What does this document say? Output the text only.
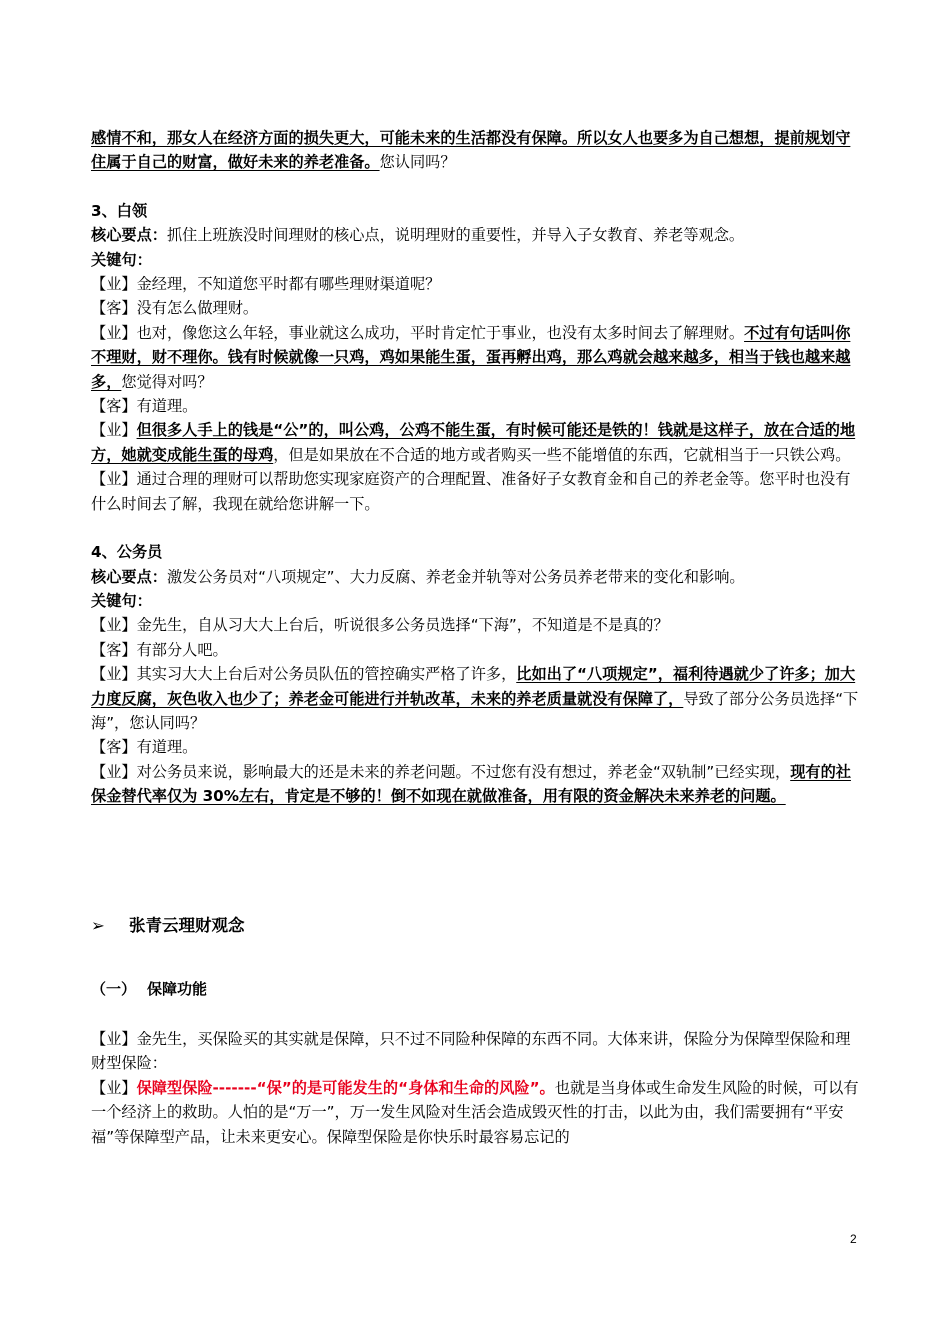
感情不和，那女人在经济方面的损失更大，可能未来的生活都没有保障。所以女人也要多为自己想想，提前规划守住属于自己的财富，做好未来的养老准备。您认同吗？

3、白领

核心要点：抓住上班族没时间理财的核心点，说明理财的重要性，并导入子女教育、养老等观念。

关键句：

【业】金经理，不知道您平时都有哪些理财渠道呢？

【客】没有怎么做理财。

【业】也对，像您这么年轻，事业就这么成功，平时肯定忙于事业，也没有太多时间去了解理财。不过有句话叫你不理财，财不理你。钱有时候就像一只鸡，鸡如果能生蛋，蛋再孵出鸡，那么鸡就会越来越多，相当于钱也越来越多，您觉得对吗？

【客】有道理。

【业】但很多人手上的钱是“公”的，叫公鸡，公鸡不能生蛋，有时候可能还是铁的！钱就是这样子，放在合适的地方，她就变成能生蛋的母鸡，但是如果放在不合适的地方或者购买一些不能增值的东西，它就相当于一只铁公鸡。

【业】通过合理的理财可以帮助您实现家庭资产的合理配置、准备好子女教育金和自己的养老金等。您平时也没有什么时间去了解，我现在就给您讲解一下。

4、公务员

核心要点：激发公务员对“八项规定”、大力反腐、养老金并轨等对公务员养老带来的变化和影响。

关键句：

【业】金先生，自从习大大上台后，听说很多公务员选择“下海”，不知道是不是真的？

【客】有部分人吧。

【业】其实习大大上台后对公务员队伍的管控确实严格了许多，比如出了“八项规定”，福利待遇就少了许多；加大力度反腐，灰色收入也少了；养老金可能进行并轨改革，未来的养老质量就没有保障了，导致了部分公务员选择“下海”，您认同吗？

【客】有道理。

【业】对公务员来说，影响最大的还是未来的养老问题。不过您有没有想过，养老金“双轨制”已经实现，现有的社保金替代率仅为 30%左右，肯定是不够的！倒不如现在就做准备，用有限的资金解决未来养老的问题。

➢ 张青云理财观念

（一） 保障功能

【业】金先生，买保险买的其实就是保障，只不过不同险种保障的东西不同。大体来讲，保险分为保障型保险和理财型保险：

【业】保障型保险-------“保”的是可能发生的“身体和生命的风险”。也就是当身体或生命发生风险的时候，可以有一个经济上的救助。人怕的是“万一”，万一发生风险对生活会造成毁灭性的打击，以此为由，我们需要拥有“平安福”等保障型产品，让未来更安心。保障型保险是你快乐时最容易忘记的

2
